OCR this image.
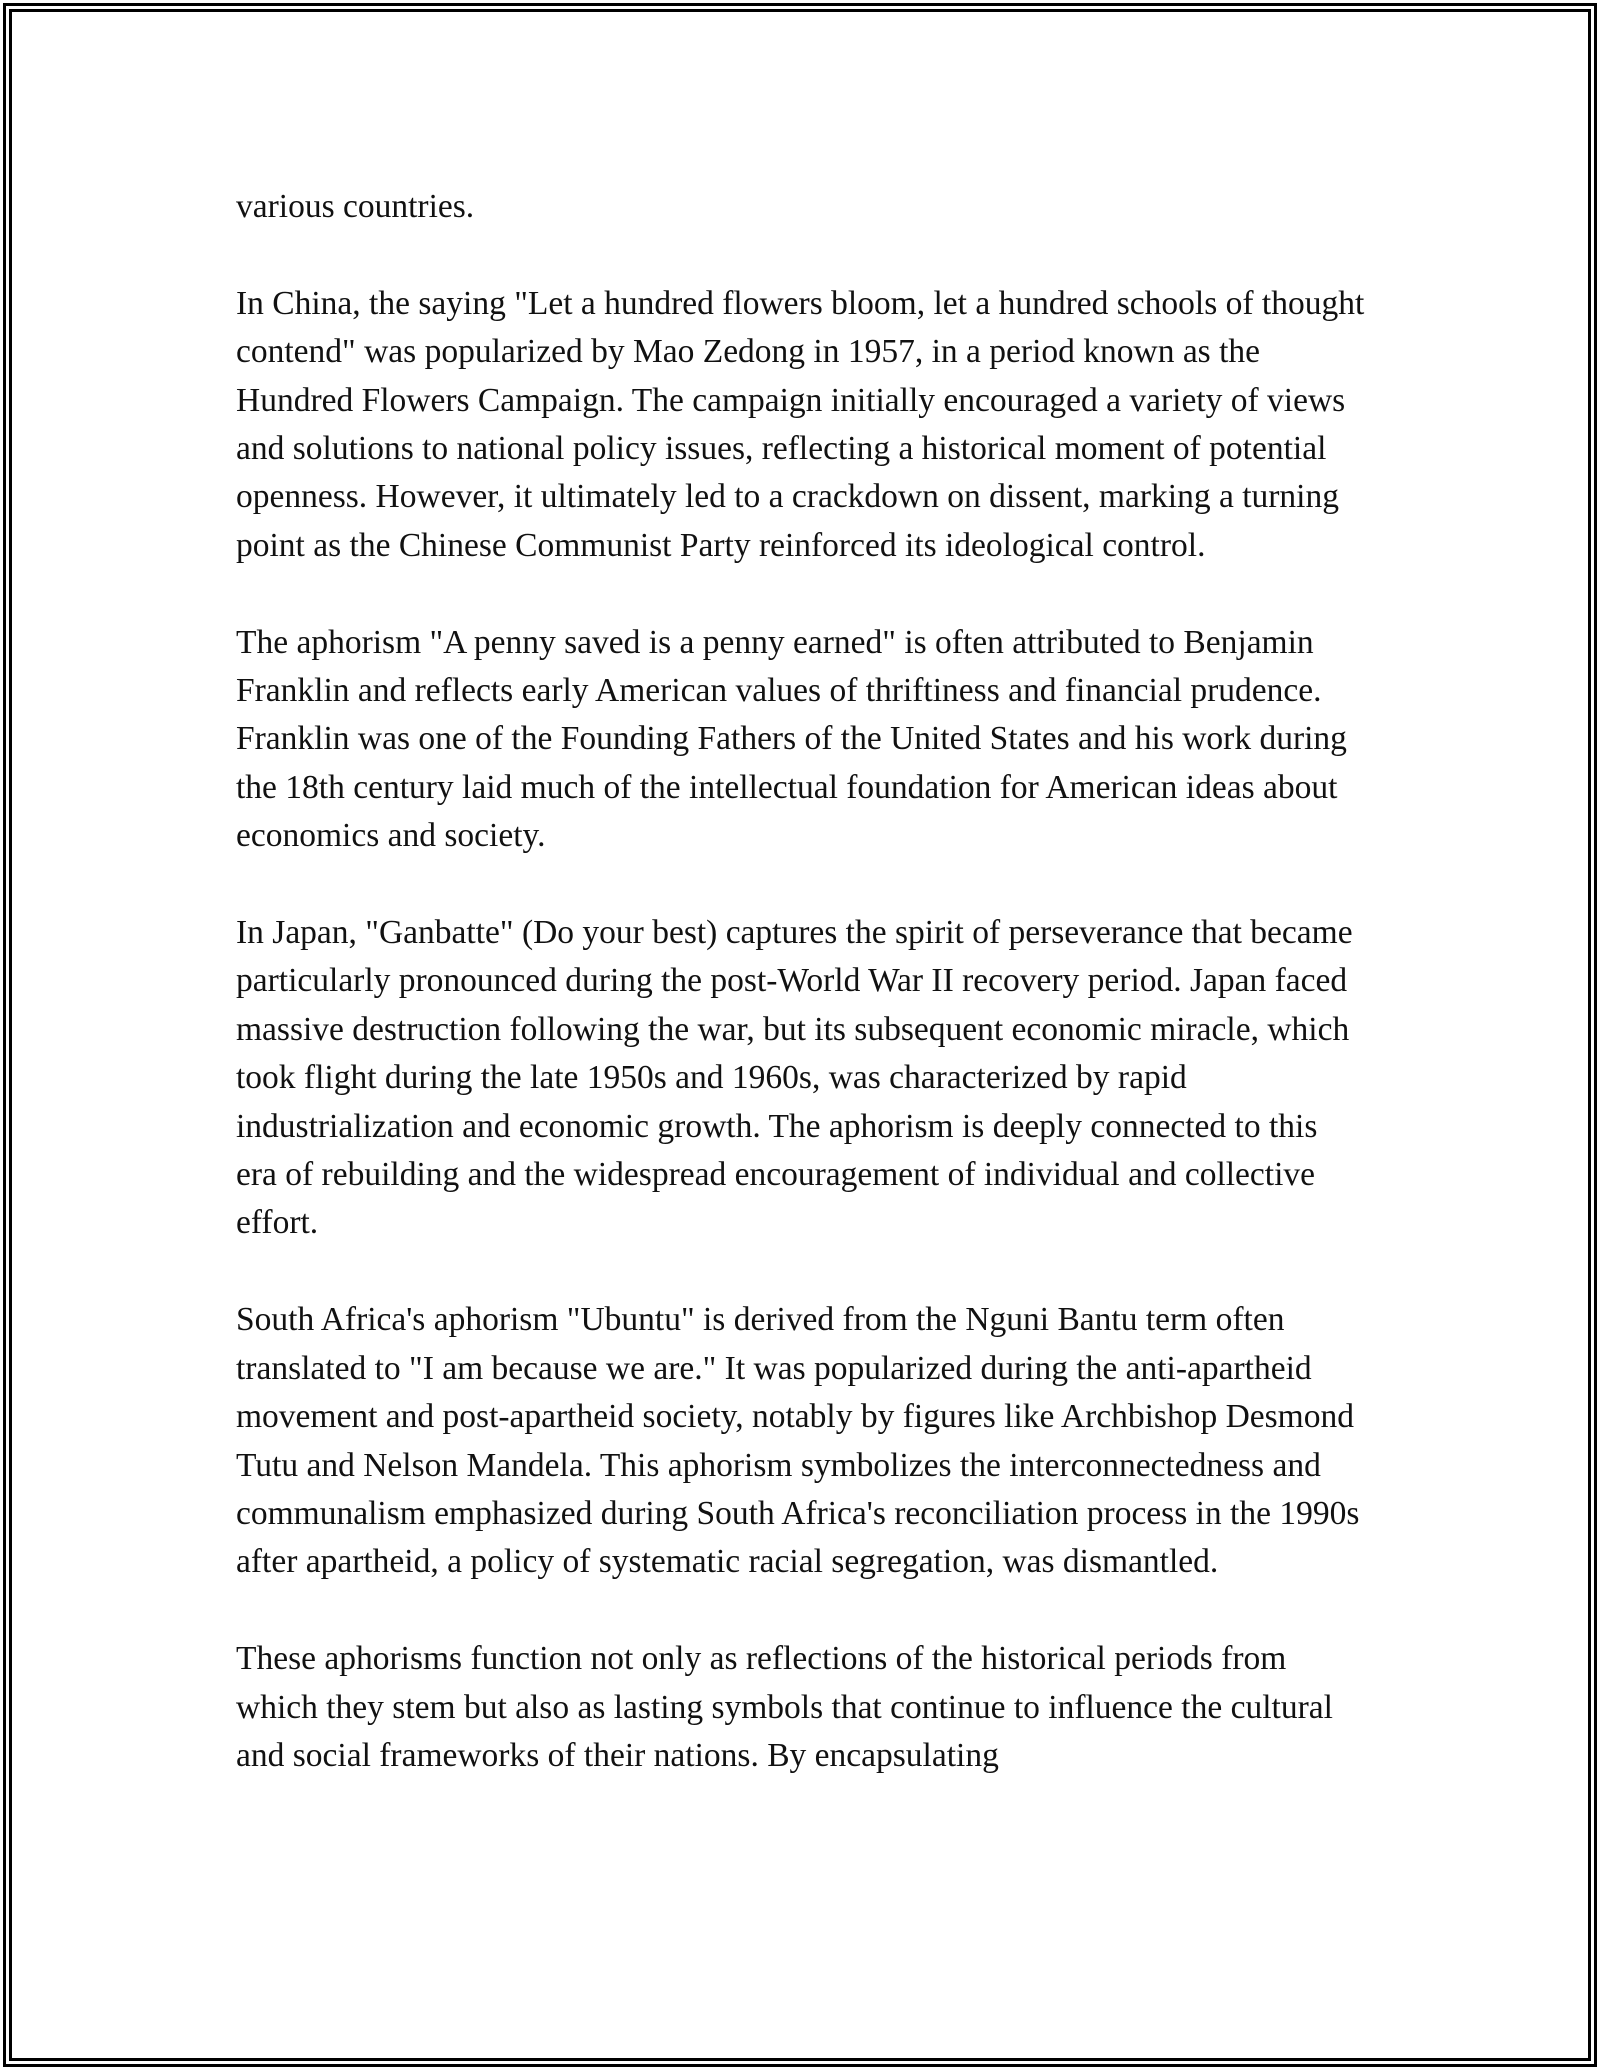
various countries.

In China, the saying "Let a hundred flowers bloom, let a hundred schools of thought contend" was popularized by Mao Zedong in 1957, in a period known as the Hundred Flowers Campaign. The campaign initially encouraged a variety of views and solutions to national policy issues, reflecting a historical moment of potential openness. However, it ultimately led to a crackdown on dissent, marking a turning point as the Chinese Communist Party reinforced its ideological control.

The aphorism "A penny saved is a penny earned" is often attributed to Benjamin Franklin and reflects early American values of thriftiness and financial prudence. Franklin was one of the Founding Fathers of the United States and his work during the 18th century laid much of the intellectual foundation for American ideas about economics and society.

In Japan, "Ganbatte" (Do your best) captures the spirit of perseverance that became particularly pronounced during the post-World War II recovery period. Japan faced massive destruction following the war, but its subsequent economic miracle, which took flight during the late 1950s and 1960s, was characterized by rapid industrialization and economic growth. The aphorism is deeply connected to this era of rebuilding and the widespread encouragement of individual and collective effort.

South Africa's aphorism "Ubuntu" is derived from the Nguni Bantu term often translated to "I am because we are." It was popularized during the anti-apartheid movement and post-apartheid society, notably by figures like Archbishop Desmond Tutu and Nelson Mandela. This aphorism symbolizes the interconnectedness and communalism emphasized during South Africa's reconciliation process in the 1990s after apartheid, a policy of systematic racial segregation, was dismantled.

These aphorisms function not only as reflections of the historical periods from which they stem but also as lasting symbols that continue to influence the cultural and social frameworks of their nations. By encapsulating
